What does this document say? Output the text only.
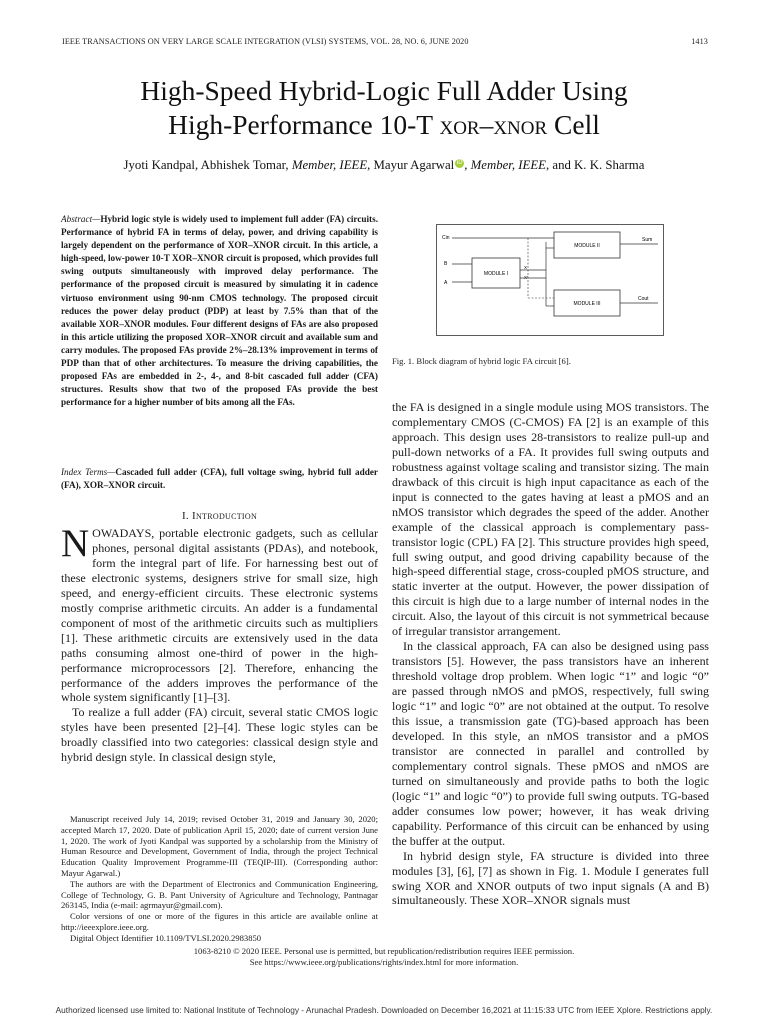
IEEE TRANSACTIONS ON VERY LARGE SCALE INTEGRATION (VLSI) SYSTEMS, VOL. 28, NO. 6, JUNE 2020	1413
High-Speed Hybrid-Logic Full Adder Using
High-Performance 10-T xor–xnor Cell
Jyoti Kandpal, Abhishek Tomar, Member, IEEE, Mayur Agarwal iD , Member, IEEE, and K. K. Sharma
Abstract—Hybrid logic style is widely used to implement full adder (FA) circuits. Performance of hybrid FA in terms of delay, power, and driving capability is largely dependent on the performance of XOR–XNOR circuit. In this article, a high-speed, low-power 10-T XOR–XNOR circuit is proposed, which provides full swing outputs simultaneously with improved delay performance. The performance of the proposed circuit is measured by simulating it in cadence virtuoso environment using 90-nm CMOS technology. The proposed circuit reduces the power delay product (PDP) at least by 7.5% than that of the available XOR–XNOR modules. Four different designs of FAs are also proposed in this article utilizing the proposed XOR–XNOR circuit and available sum and carry modules. The proposed FAs provide 2%–28.13% improvement in terms of PDP than that of other architectures. To measure the driving capabilities, the proposed FAs are embedded in 2-, 4-, and 8-bit cascaded full adder (CFA) structures. Results show that two of the proposed FAs provide the best performance for a higher number of bits among all the FAs.
Index Terms—Cascaded full adder (CFA), full voltage swing, hybrid full adder (FA), XOR–XNOR circuit.
I. Introduction

NOWADAYS, portable electronic gadgets, such as cellular phones, personal digital assistants (PDAs), and notebook, form the integral part of life. For harnessing best out of these electronic systems, designers strive for small size, high speed, and energy-efficient circuits. These electronic systems mostly comprise arithmetic circuits. An adder is a fundamental component of most of the arithmetic circuits such as multipliers [1]. These arithmetic circuits are extensively used in the data paths consuming almost one-third of power in the high-performance microprocessors [2]. Therefore, enhancing the performance of the adders improves the performance of the whole system significantly [1]–[3].

To realize a full adder (FA) circuit, several static CMOS logic styles have been presented [2]–[4]. These logic styles can be broadly classified into two categories: classical design style and hybrid design style. In classical design style,

Manuscript received July 14, 2019; revised October 31, 2019 and January 30, 2020; accepted March 17, 2020. Date of publication April 15, 2020; date of current version June 1, 2020. The work of Jyoti Kandpal was supported by a scholarship from the Ministry of Human Resource and Development, Government of India, through the project Technical Education Quality Improvement Programme-III (TEQIP-III). (Corresponding author: Mayur Agarwal.)

The authors are with the Department of Electronics and Communication Engineering, College of Technology, G. B. Pant University of Agriculture and Technology, Pantnagar 263145, India (e-mail: agrmayur@gmail.com).

Color versions of one or more of the figures in this article are available online at http://ieeexplore.ieee.org.

Digital Object Identifier 10.1109/TVLSI.2020.2983850

Cin
B
A
MODULE I
X
X'
MODULE II
MODULE III
Sum
Cout
Fig. 1. Block diagram of hybrid logic FA circuit [6].

the FA is designed in a single module using MOS transistors. The complementary CMOS (C-CMOS) FA [2] is an example of this approach. This design uses 28-transistors to realize pull-up and pull-down networks of a FA. It provides full swing outputs and robustness against voltage scaling and transistor sizing. The main drawback of this circuit is high input capacitance as each of the input is connected to the gates having at least a pMOS and an nMOS transistor which degrades the speed of the adder. Another example of the classical approach is complementary pass-transistor logic (CPL) FA [2]. This structure provides high speed, full swing output, and good driving capability because of the high-speed differential stage, cross-coupled pMOS structure, and static inverter at the output. However, the power dissipation of this circuit is high due to a large number of internal nodes in the circuit. Also, the layout of this circuit is not symmetrical because of irregular transistor arrangement.

In the classical approach, FA can also be designed using pass transistors [5]. However, the pass transistors have an inherent threshold voltage drop problem. When logic “1” and logic “0” are passed through nMOS and pMOS, respectively, full swing logic “1” and logic “0” are not obtained at the output. To resolve this issue, a transmission gate (TG)-based approach has been developed. In this style, an nMOS transistor and a pMOS transistor are connected in parallel and controlled by complementary control signals. These pMOS and nMOS are turned on simultaneously and provide paths to both the logic (logic “1” and logic “0”) to provide full swing outputs. TG-based adder consumes low power; however, it has weak driving capability. Performance of this circuit can be enhanced by using the buffer at the output.

In hybrid design style, FA structure is divided into three modules [3], [6], [7] as shown in Fig. 1. Module I generates full swing XOR and XNOR outputs of two input signals (A and B) simultaneously. These XOR–XNOR signals must

1063-8210 © 2020 IEEE. Personal use is permitted, but republication/redistribution requires IEEE permission.
See https://www.ieee.org/publications/rights/index.html for more information.
Authorized licensed use limited to: National Institute of Technology - Arunachal Pradesh. Downloaded on December 16,2021 at 11:15:33 UTC from IEEE Xplore. Restrictions apply.
